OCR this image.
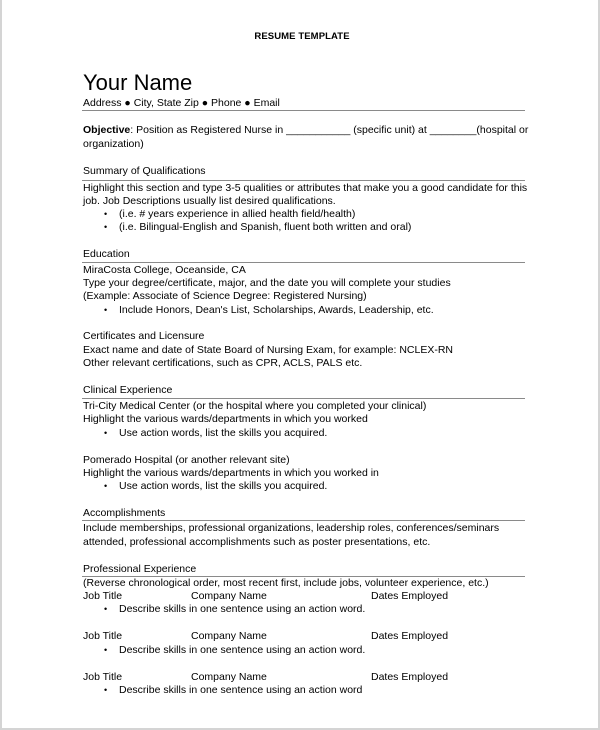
RESUME TEMPLATE
Your Name
Address ● City, State Zip ● Phone ● Email
Objective: Position as Registered Nurse in ___________ (specific unit) at ________(hospital or
organization)
Summary of Qualifications
Highlight this section and type 3-5 qualities or attributes that make you a good candidate for this
job. Job Descriptions usually list desired qualifications.
• (i.e. # years experience in allied health field/health)
• (i.e. Bilingual-English and Spanish, fluent both written and oral)
Education
MiraCosta College, Oceanside, CA
Type your degree/certificate, major, and the date you will complete your studies
(Example: Associate of Science Degree: Registered Nursing)
• Include Honors, Dean's List, Scholarships, Awards, Leadership, etc.
Certificates and Licensure
Exact name and date of State Board of Nursing Exam, for example: NCLEX-RN
Other relevant certifications, such as CPR, ACLS, PALS etc.
Clinical Experience
Tri-City Medical Center (or the hospital where you completed your clinical)
Highlight the various wards/departments in which you worked
• Use action words, list the skills you acquired.
Pomerado Hospital (or another relevant site)
Highlight the various wards/departments in which you worked in
• Use action words, list the skills you acquired.
Accomplishments
Include memberships, professional organizations, leadership roles, conferences/seminars
attended, professional accomplishments such as poster presentations, etc.
Professional Experience
(Reverse chronological order, most recent first, include jobs, volunteer experience, etc.)
Job Title	Company Name	Dates Employed
• Describe skills in one sentence using an action word.
Job Title	Company Name	Dates Employed
• Describe skills in one sentence using an action word.
Job Title	Company Name	Dates Employed
• Describe skills in one sentence using an action word
